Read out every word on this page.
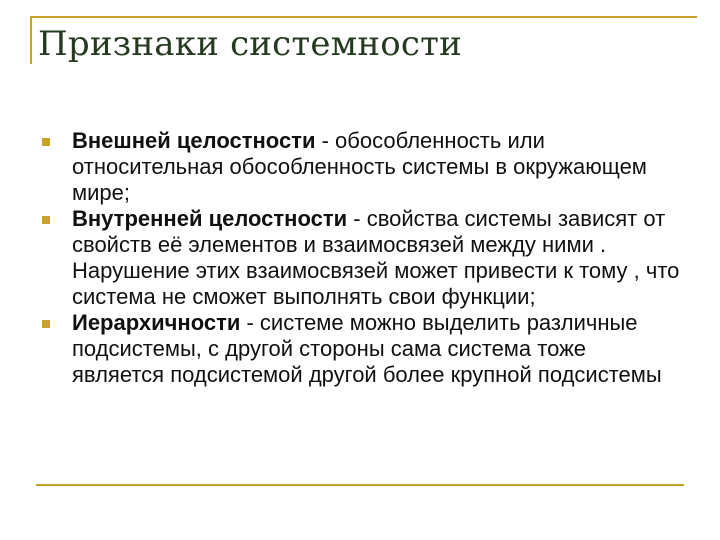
Признаки системности
Внешней целостности - обособленность или относительная обособленность системы в окружающем мире;
Внутренней целостности - свойства системы зависят от свойств её элементов и взаимосвязей между ними . Нарушение этих взаимосвязей может привести к тому , что система не сможет выполнять свои функции;
Иерархичности - системе можно выделить различные подсистемы, с другой стороны сама система тоже является подсистемой другой более крупной подсистемы
